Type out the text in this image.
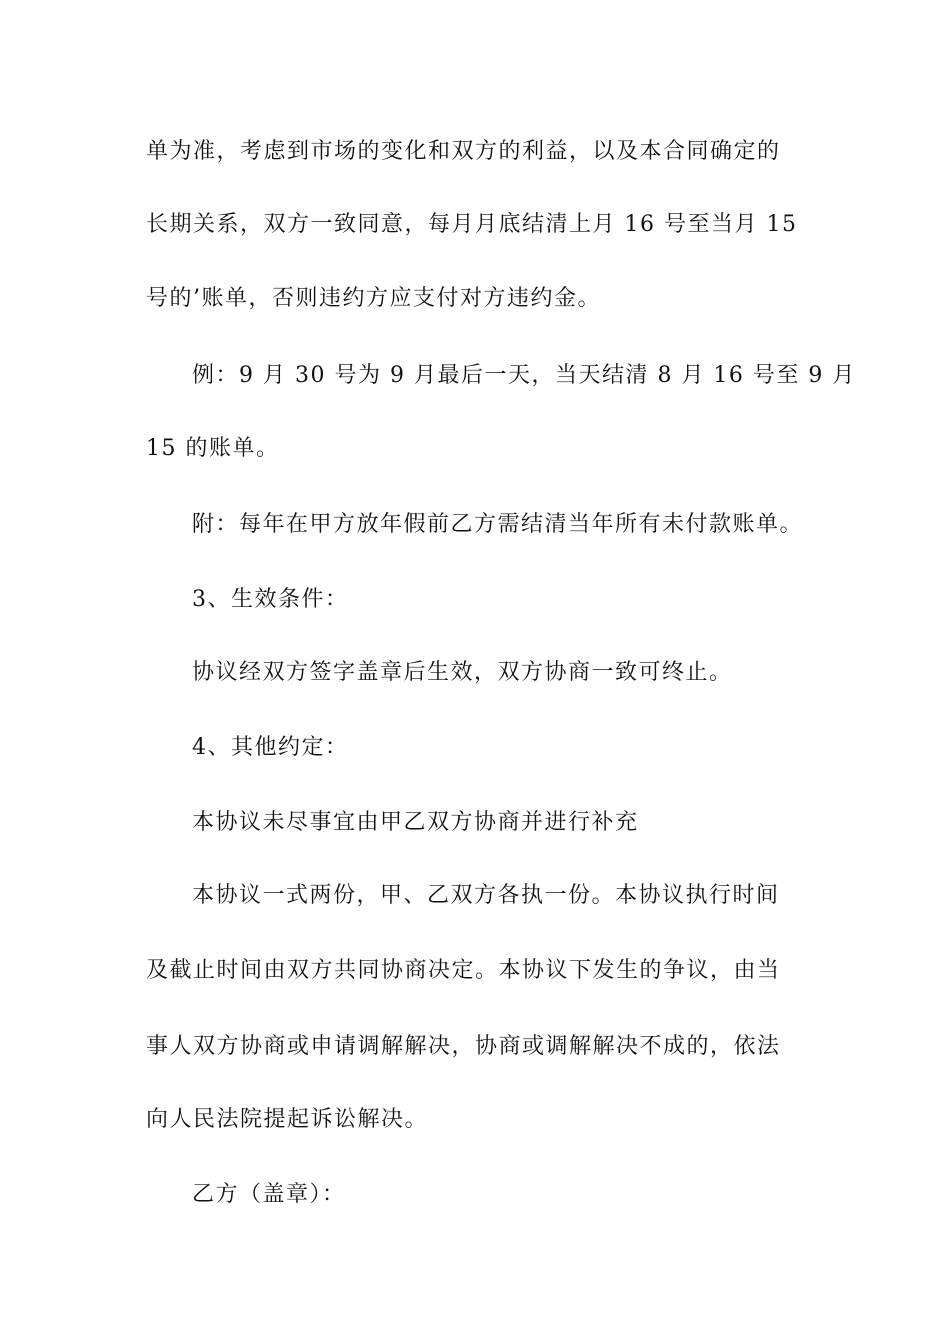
单为准，考虑到市场的变化和双方的利益，以及本合同确定的
长期关系，双方一致同意，每月月底结清上月 16 号至当月 15
号的’账单，否则违约方应支付对方违约金。
例：9 月 30 号为 9 月最后一天，当天结清 8 月 16 号至 9 月
15 的账单。
附：每年在甲方放年假前乙方需结清当年所有未付款账单。
3、生效条件：
协议经双方签字盖章后生效，双方协商一致可终止。
4、其他约定：
本协议未尽事宜由甲乙双方协商并进行补充
本协议一式两份，甲、乙双方各执一份。本协议执行时间
及截止时间由双方共同协商决定。本协议下发生的争议，由当
事人双方协商或申请调解解决，协商或调解解决不成的，依法
向人民法院提起诉讼解决。
乙方（盖章）：
